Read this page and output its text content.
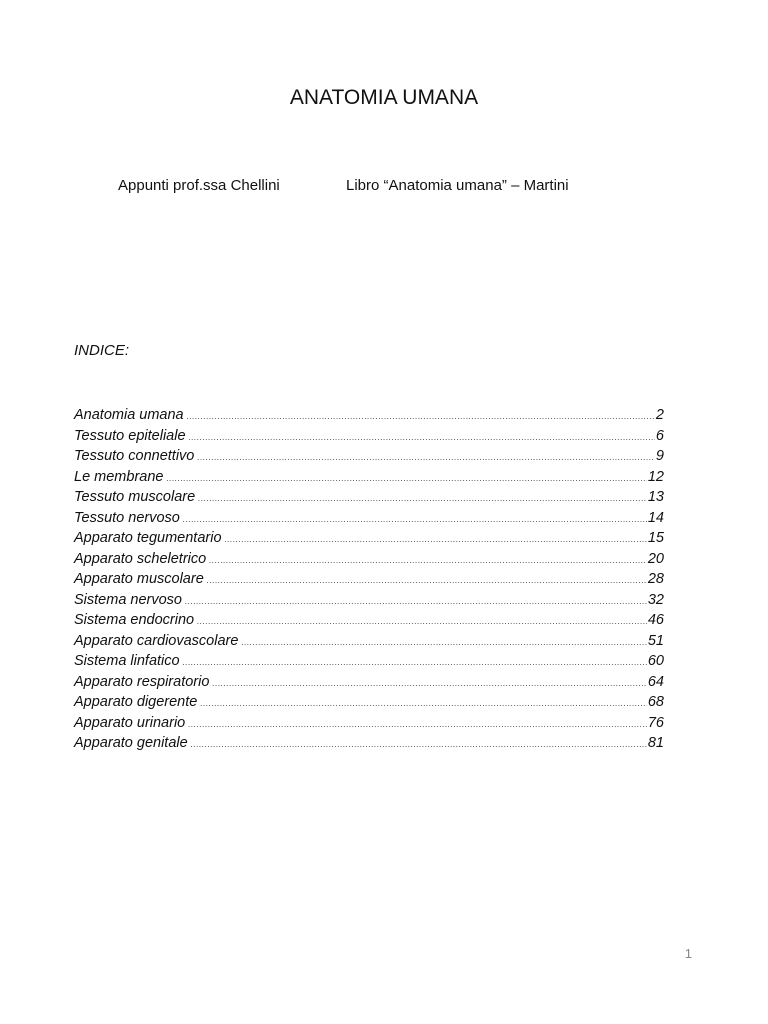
ANATOMIA UMANA
Appunti prof.ssa Chellini	Libro “Anatomia umana” – Martini

INDICE:

Anatomia umana .....	2
Tessuto epiteliale .....	6
Tessuto connettivo .....	9
Le membrane .....	12
Tessuto muscolare .....	13
Tessuto nervoso .....	14
Apparato tegumentario .....	15
Apparato scheletrico .....	20
Apparato muscolare .....	28
Sistema nervoso .....	32
Sistema endocrino .....	46
Apparato cardiovascolare .....	51
Sistema linfatico .....	60
Apparato respiratorio .....	64
Apparato digerente .....	68
Apparato urinario .....	76
Apparato genitale .....	81
1
